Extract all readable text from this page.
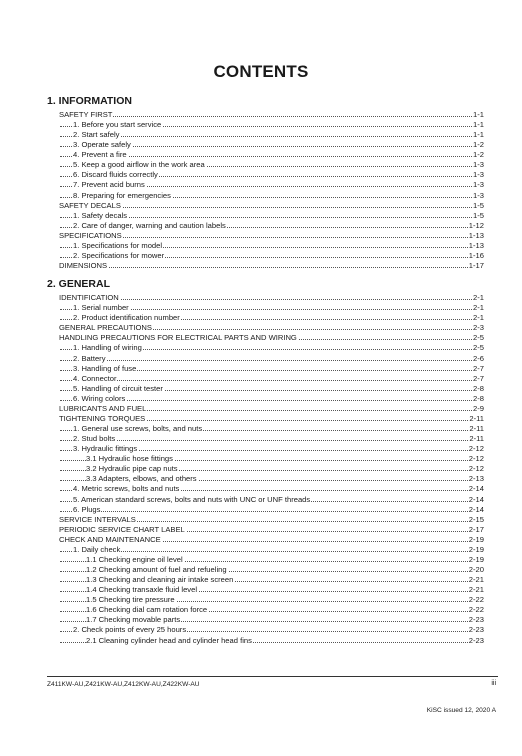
CONTENTS
1. INFORMATION
SAFETY FIRST	1-1
1. Before you start service	1-1
2. Start safely	1-1
3. Operate safely	1-2
4. Prevent a fire	1-2
5. Keep a good airflow in the work area	1-3
6. Discard fluids correctly	1-3
7. Prevent acid burns	1-3
8. Preparing for emergencies	1-3
SAFETY DECALS	1-5
1. Safety decals	1-5
2. Care of danger, warning and caution labels	1-12
SPECIFICATIONS	1-13
1. Specifications for model	1-13
2. Specifications for mower	1-16
DIMENSIONS	1-17
2. GENERAL
IDENTIFICATION	2-1
1. Serial number	2-1
2. Product identification number	2-1
GENERAL PRECAUTIONS	2-3
HANDLING PRECAUTIONS FOR ELECTRICAL PARTS AND WIRING	2-5
1. Handling of wiring	2-5
2. Battery	2-6
3. Handling of fuse	2-7
4. Connector	2-7
5. Handling of circuit tester	2-8
6. Wiring colors	2-8
LUBRICANTS AND FUEL	2-9
TIGHTENING TORQUES	2-11
1. General use screws, bolts, and nuts	2-11
2. Stud bolts	2-11
3. Hydraulic fittings	2-12
3.1 Hydraulic hose fittings	2-12
3.2 Hydraulic pipe cap nuts	2-12
3.3 Adapters, elbows, and others	2-13
4. Metric screws, bolts and nuts	2-14
5. American standard screws, bolts and nuts with UNC or UNF threads	2-14
6. Plugs	2-14
SERVICE INTERVALS	2-15
PERIODIC SERVICE CHART LABEL	2-17
CHECK AND MAINTENANCE	2-19
1. Daily check	2-19
1.1 Checking engine oil level	2-19
1.2 Checking amount of fuel and refueling	2-20
1.3 Checking and cleaning air intake screen	2-21
1.4 Checking transaxle fluid level	2-21
1.5 Checking tire pressure	2-22
1.6 Checking dial cam rotation force	2-22
1.7 Checking movable parts	2-23
2. Check points of every 25 hours	2-23
2.1 Cleaning cylinder head and cylinder head fins	2-23
Z411KW-AU,Z421KW-AU,Z412KW-AU,Z422KW-AU	iii
KiSC issued 12, 2020 A
